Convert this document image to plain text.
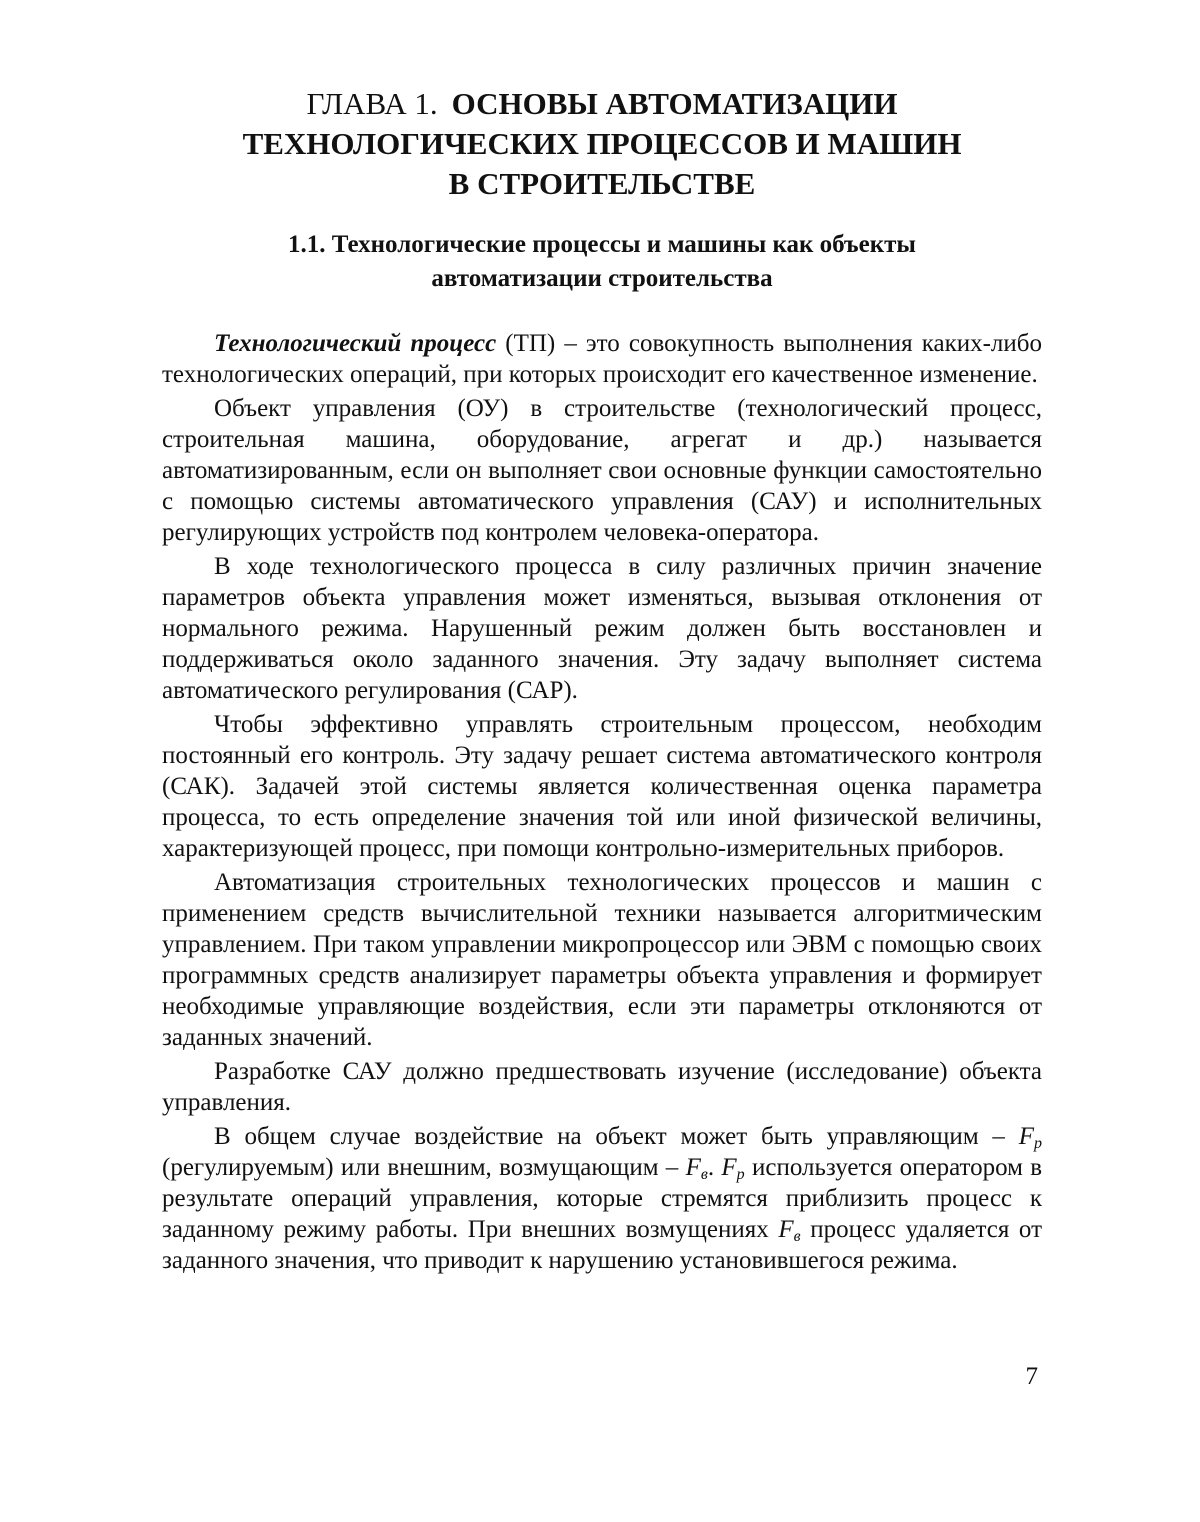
ГЛАВА 1. ОСНОВЫ АВТОМАТИЗАЦИИ
ТЕХНОЛОГИЧЕСКИХ ПРОЦЕССОВ И МАШИН
В СТРОИТЕЛЬСТВЕ
1.1. Технологические процессы и машины как объекты
автоматизации строительства

Технологический процесс (ТП) – это совокупность выполнения каких-либо технологических операций, при которых происходит его качественное изменение.

Объект управления (ОУ) в строительстве (технологический процесс, строительная машина, оборудование, агрегат и др.) называется автоматизированным, если он выполняет свои основные функции самостоятельно с помощью системы автоматического управления (САУ) и исполнительных регулирующих устройств под контролем человека-оператора.

В ходе технологического процесса в силу различных причин значение параметров объекта управления может изменяться, вызывая отклонения от нормального режима. Нарушенный режим должен быть восстановлен и поддерживаться около заданного значения. Эту задачу выполняет система автоматического регулирования (САР).

Чтобы эффективно управлять строительным процессом, необходим постоянный его контроль. Эту задачу решает система автоматического контроля (САК). Задачей этой системы является количественная оценка параметра процесса, то есть определение значения той или иной физической величины, характеризующей процесс, при помощи контрольно-измерительных приборов.

Автоматизация строительных технологических процессов и машин с применением средств вычислительной техники называется алгоритмическим управлением. При таком управлении микропроцессор или ЭВМ с помощью своих программных средств анализирует параметры объекта управления и формирует необходимые управляющие воздействия, если эти параметры отклоняются от заданных значений.

Разработке САУ должно предшествовать изучение (исследование) объекта управления.

В общем случае воздействие на объект может быть управляющим – $F_р$ (регулируемым) или внешним, возмущающим – $F_в$. $F_р$ используется оператором в результате операций управления, которые стремятся приблизить процесс к заданному режиму работы. При внешних возмущениях $F_в$ процесс удаляется от заданного значения, что приводит к нарушению установившегося режима.

7
